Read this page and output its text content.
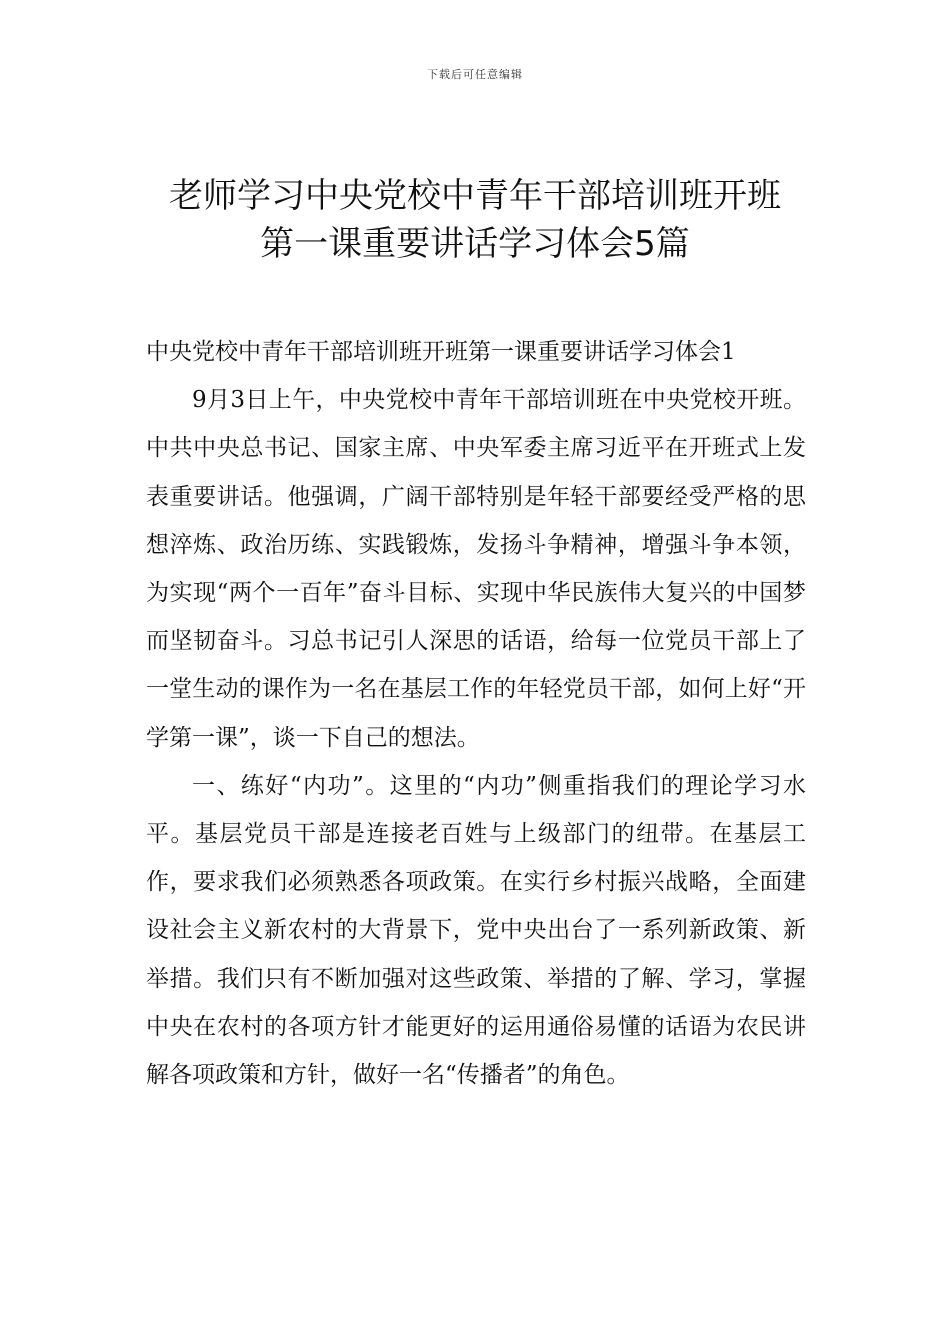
下载后可任意编辑
老师学习中央党校中青年干部培训班开班
第一课重要讲话学习体会5篇

中央党校中青年干部培训班开班第一课重要讲话学习体会1

9月3日上午，中央党校中青年干部培训班在中央党校开班。中共中央总书记、国家主席、中央军委主席习近平在开班式上发表重要讲话。他强调，广阔干部特别是年轻干部要经受严格的思想淬炼、政治历练、实践锻炼，发扬斗争精神，增强斗争本领，为实现“两个一百年”奋斗目标、实现中华民族伟大复兴的中国梦而坚韧奋斗。习总书记引人深思的话语，给每一位党员干部上了一堂生动的课作为一名在基层工作的年轻党员干部，如何上好“开学第一课”，谈一下自己的想法。

一、练好“内功”。这里的“内功”侧重指我们的理论学习水平。基层党员干部是连接老百姓与上级部门的纽带。在基层工作，要求我们必须熟悉各项政策。在实行乡村振兴战略，全面建设社会主义新农村的大背景下，党中央出台了一系列新政策、新举措。我们只有不断加强对这些政策、举措的了解、学习，掌握中央在农村的各项方针才能更好的运用通俗易懂的话语为农民讲解各项政策和方针，做好一名“传播者”的角色。
